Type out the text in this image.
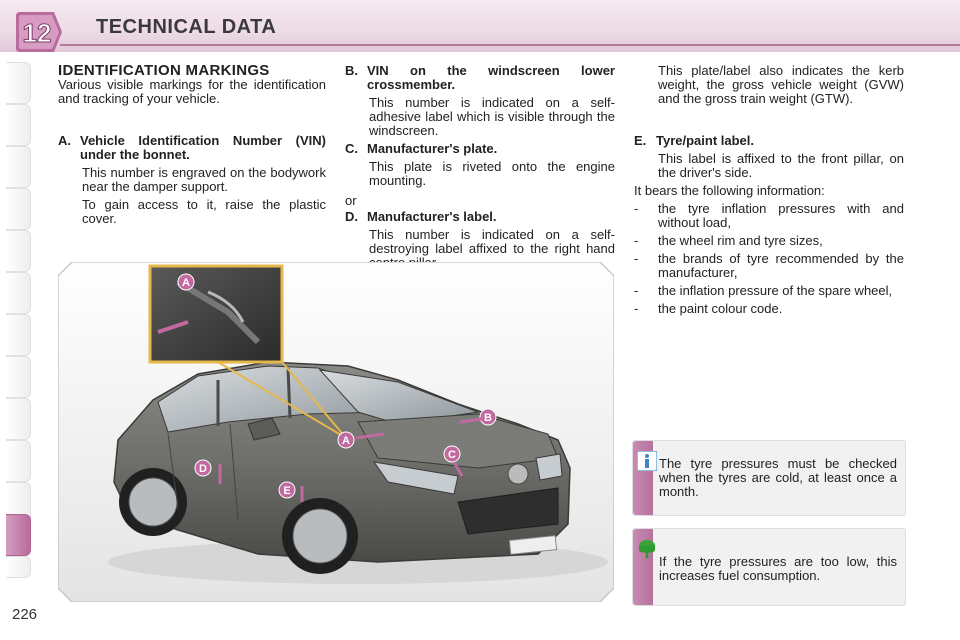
12 TECHNICAL DATA
226

IDENTIFICATION MARKINGS

Various visible markings for the identification and tracking of your vehicle.

A. Vehicle Identification Number (VIN) under the bonnet.

This number is engraved on the bodywork near the damper support.

To gain access to it, raise the plastic cover.

B. VIN on the windscreen lower crossmember.

This number is indicated on a self-adhesive label which is visible through the windscreen.

C. Manufacturer's plate.

This plate is riveted onto the engine mounting.

or

D. Manufacturer's label.

This number is indicated on a self-destroying label affixed to the right hand

This plate/label also indicates the kerb weight, the gross vehicle weight (GVW) and the gross train weight (GTW).

E. Tyre/paint label.

This label is affixed to the front pillar, on the driver's side.

It bears the following information:

-	the tyre inflation pressures with and without load,
-	the wheel rim and tyre sizes,
-	the brands of tyre recommended by the manufacturer,
-	the inflation pressure of the spare wheel,
-	the paint colour code.
The tyre pressures must be checked when the tyres are cold, at least once a month.
If the tyre pressures are too low, this increases fuel consumption.
A
A
B
C
D
E
